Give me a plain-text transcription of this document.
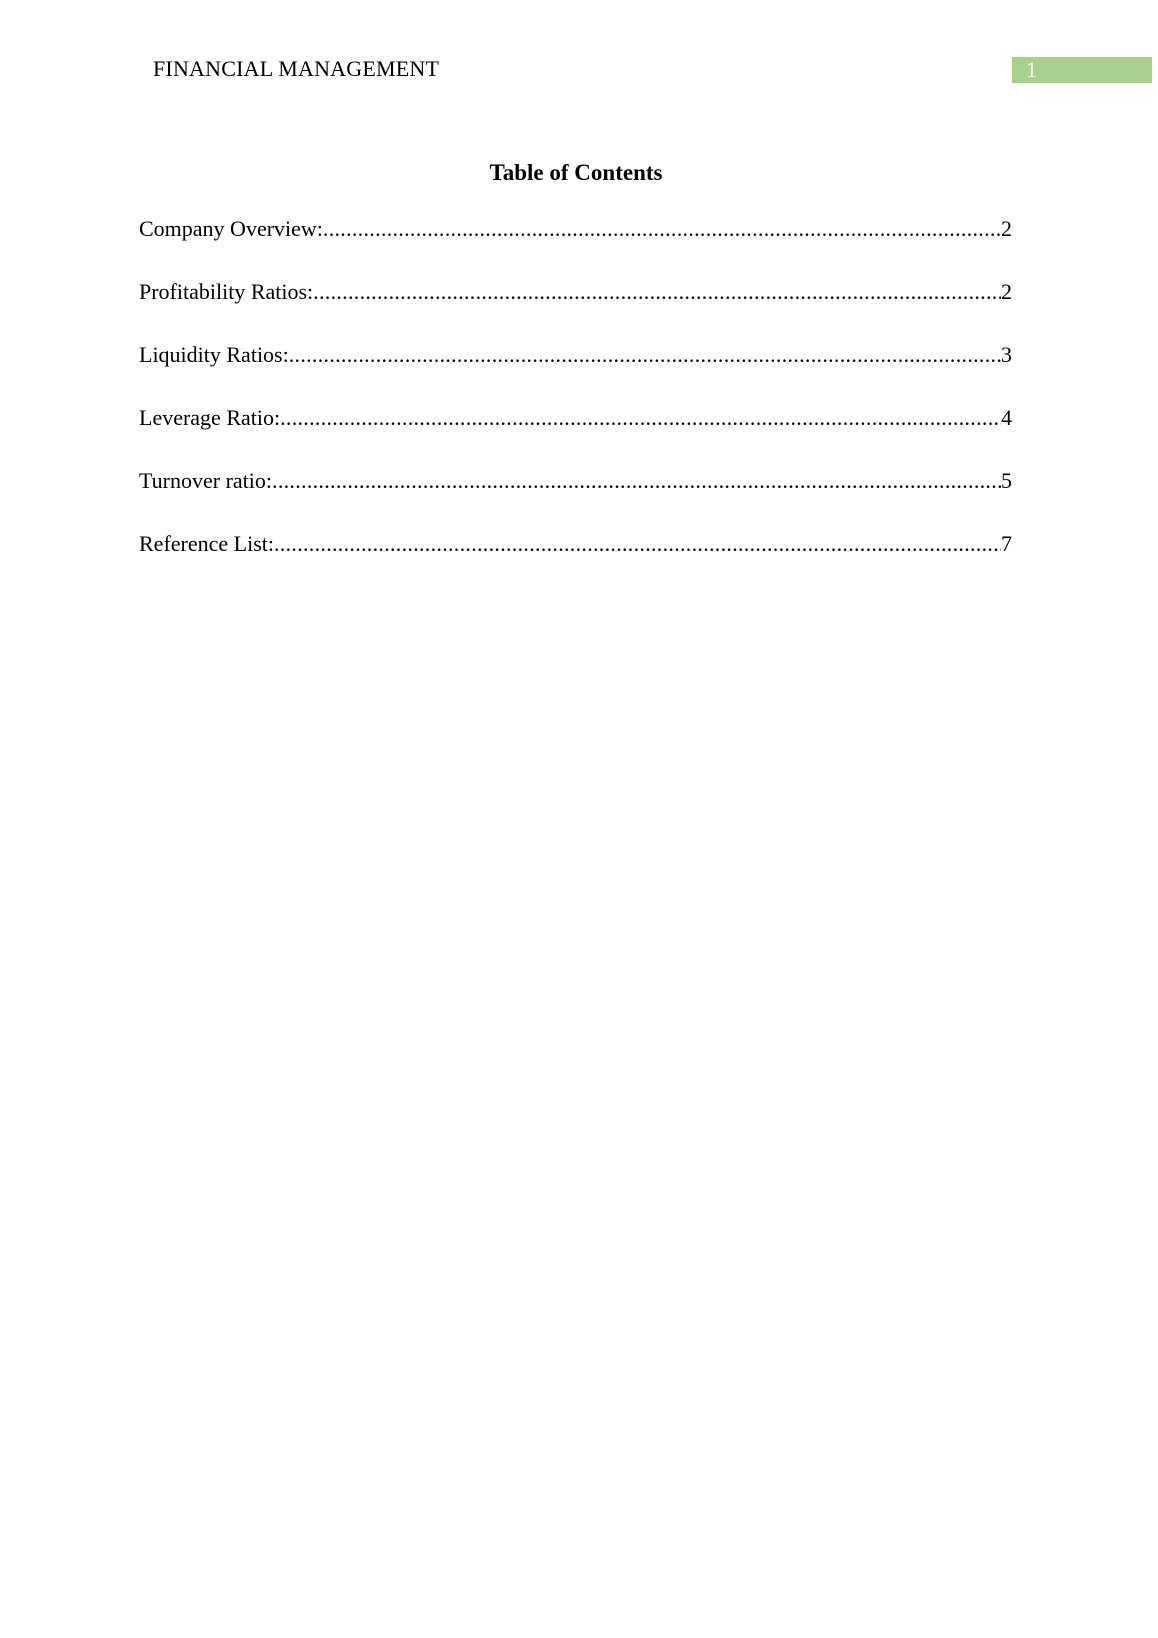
FINANCIAL MANAGEMENT	1
Table of Contents
Company Overview: .....	2
Profitability Ratios: .....	2
Liquidity Ratios: .....	3
Leverage Ratio: .....	4
Turnover ratio: .....	5
Reference List: .....	7
